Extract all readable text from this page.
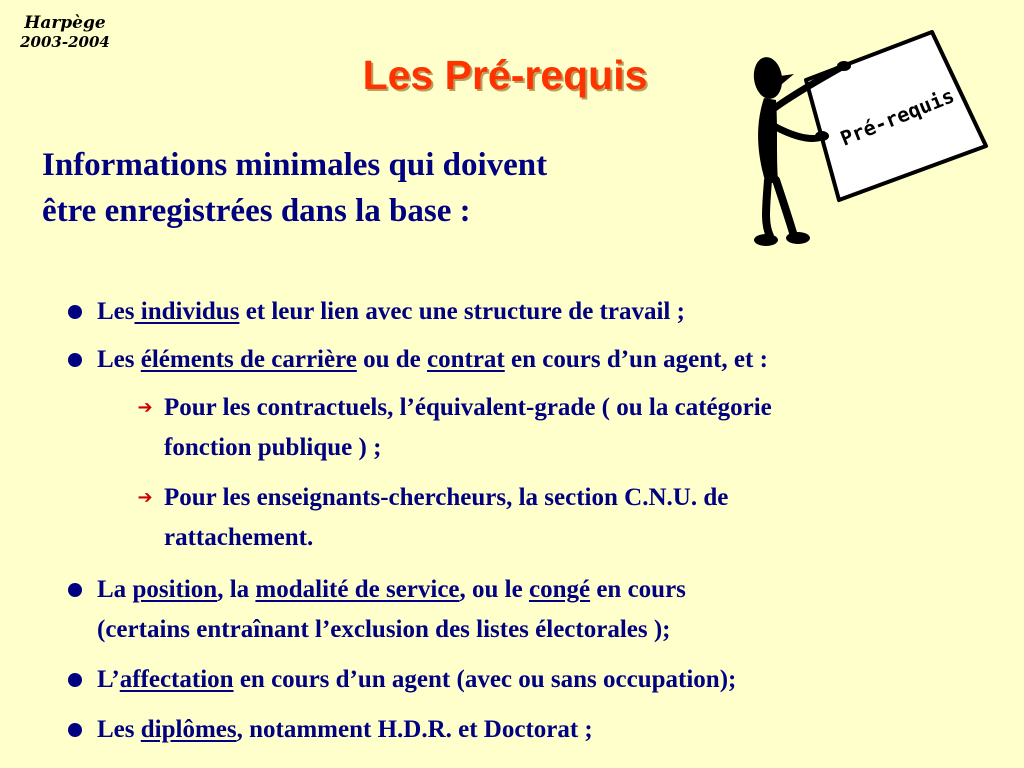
Harpège
2003-2004
Les Pré-requis
Informations minimales qui doivent
être enregistrées dans la base :
Pré-requis
Les individus et leur lien avec une structure de travail ;
Les éléments de carrière ou de contrat en cours d’un agent, et :
➔ Pour les contractuels, l’équivalent-grade ( ou la catégorie
fonction publique ) ;
➔ Pour les enseignants-chercheurs, la section C.N.U. de
rattachement.
La position, la modalité de service, ou le congé en cours
(certains entraînant l’exclusion des listes électorales );
L’affectation en cours d’un agent (avec ou sans occupation);
Les diplômes, notamment H.D.R. et Doctorat ;
